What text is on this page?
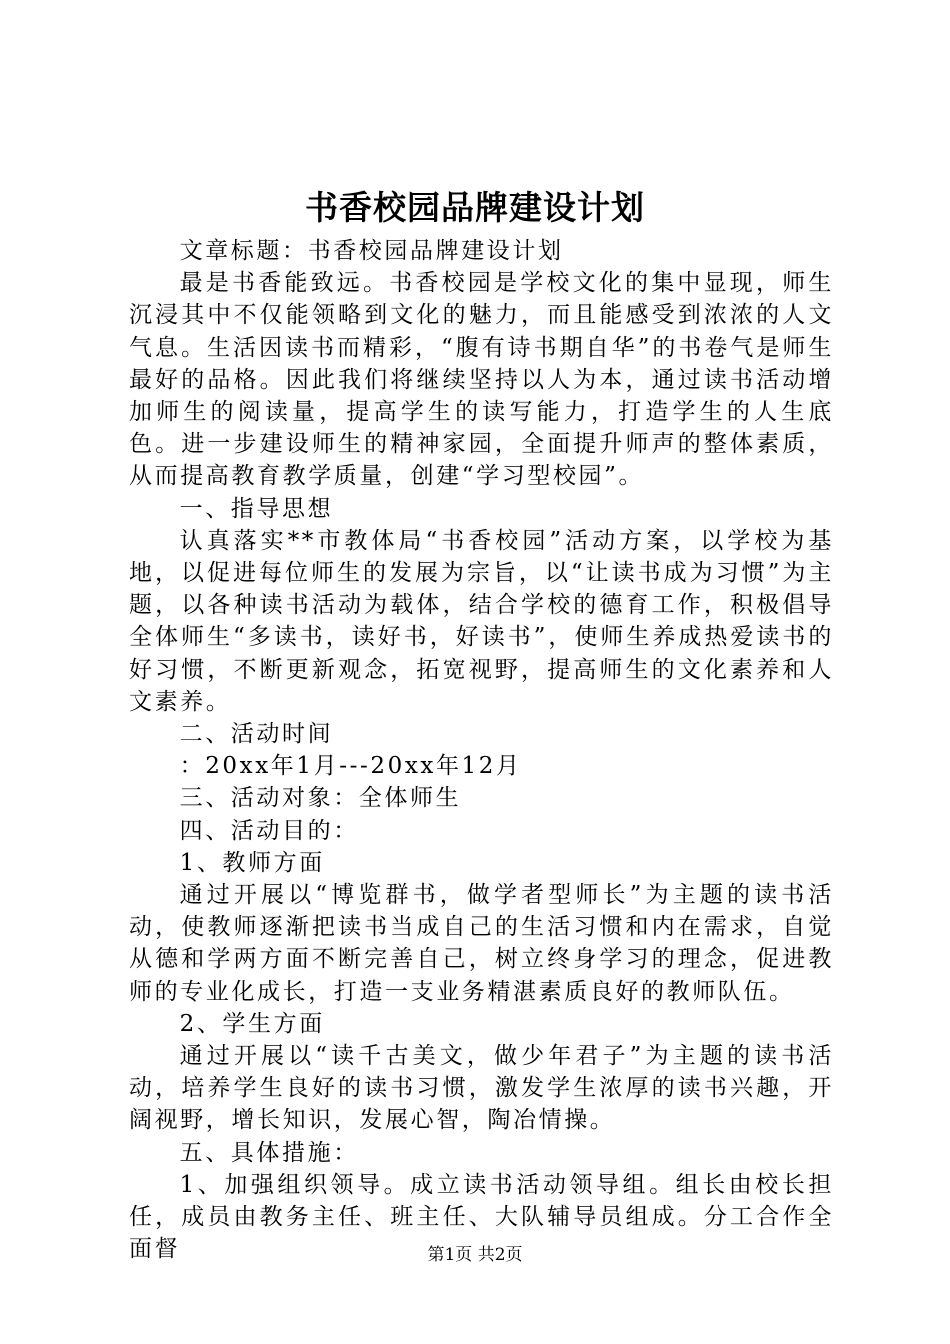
书香校园品牌建设计划

文章标题：书香校园品牌建设计划

最是书香能致远。书香校园是学校文化的集中显现，师生沉浸其中不仅能领略到文化的魅力，而且能感受到浓浓的人文气息。生活因读书而精彩，“腹有诗书期自华”的书卷气是师生最好的品格。因此我们将继续坚持以人为本，通过读书活动增加师生的阅读量，提高学生的读写能力，打造学生的人生底色。进一步建设师生的精神家园，全面提升师声的整体素质，从而提高教育教学质量，创建“学习型校园”。

一、指导思想

认真落实**市教体局“书香校园”活动方案，以学校为基地，以促进每位师生的发展为宗旨，以“让读书成为习惯”为主题，以各种读书活动为载体，结合学校的德育工作，积极倡导全体师生“多读书，读好书，好读书”，使师生养成热爱读书的好习惯，不断更新观念，拓宽视野，提高师生的文化素养和人文素养。

二、活动时间

：20xx年1月---20xx年12月

三、活动对象：全体师生

四、活动目的：

1、教师方面

通过开展以“博览群书，做学者型师长”为主题的读书活动，使教师逐渐把读书当成自己的生活习惯和内在需求，自觉从德和学两方面不断完善自己，树立终身学习的理念，促进教师的专业化成长，打造一支业务精湛素质良好的教师队伍。

2、学生方面

通过开展以“读千古美文，做少年君子”为主题的读书活动，培养学生良好的读书习惯，激发学生浓厚的读书兴趣，开阔视野，增长知识，发展心智，陶冶情操。

五、具体措施：

1、加强组织领导。成立读书活动领导组。组长由校长担任，成员由教务主任、班主任、大队辅导员组成。分工合作全面督	第1页 共2页
